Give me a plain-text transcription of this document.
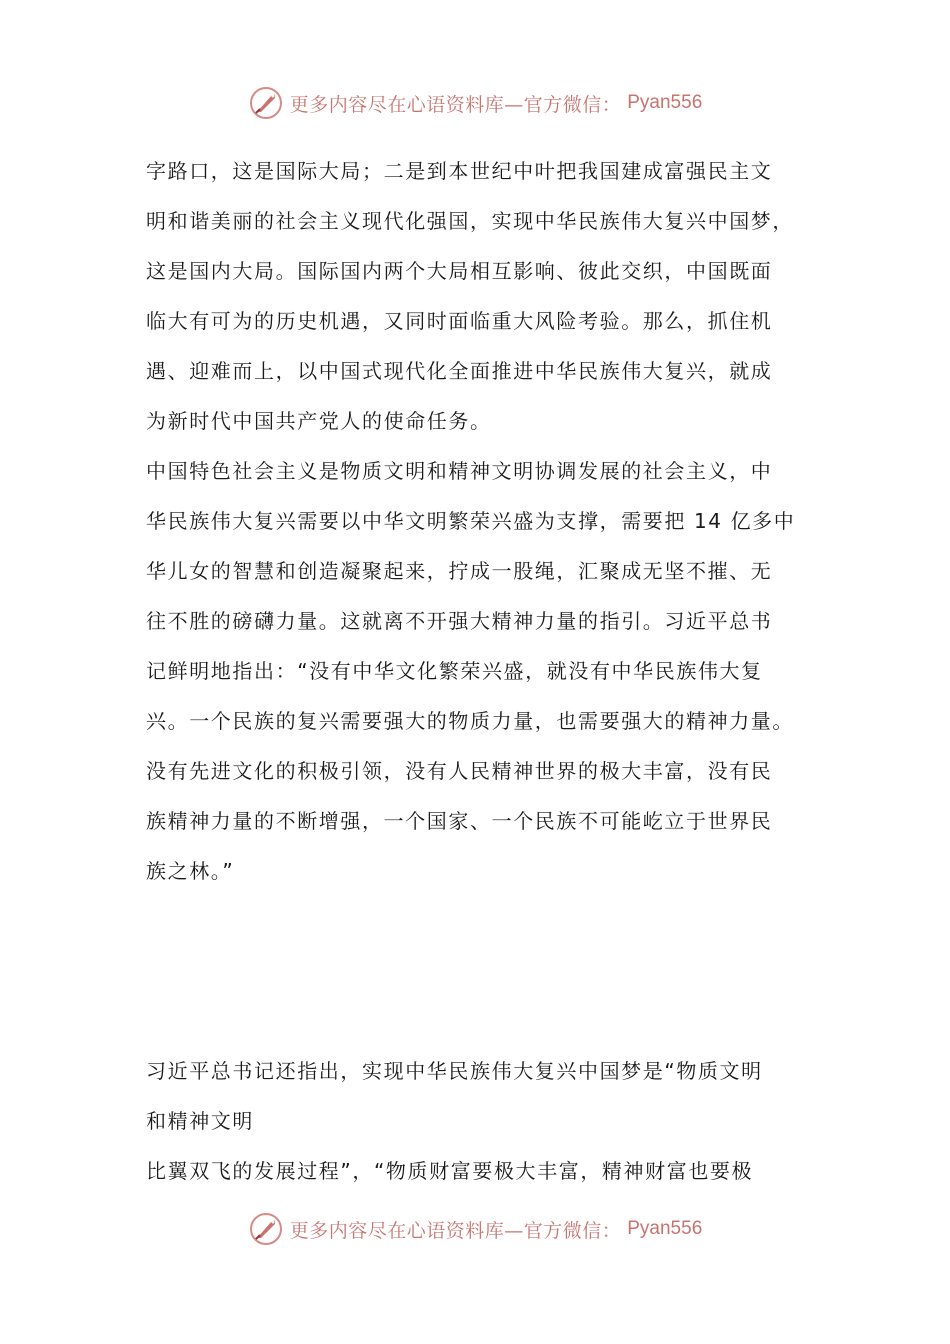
更多内容尽在心语资料库—官方微信： Pyan556
字路口，这是国际大局；二是到本世纪中叶把我国建成富强民主文
明和谐美丽的社会主义现代化强国，实现中华民族伟大复兴中国梦，
这是国内大局。国际国内两个大局相互影响、彼此交织，中国既面
临大有可为的历史机遇，又同时面临重大风险考验。那么，抓住机
遇、迎难而上，以中国式现代化全面推进中华民族伟大复兴，就成
为新时代中国共产党人的使命任务。
中国特色社会主义是物质文明和精神文明协调发展的社会主义，中
华民族伟大复兴需要以中华文明繁荣兴盛为支撑，需要把 14 亿多中
华儿女的智慧和创造凝聚起来，拧成一股绳，汇聚成无坚不摧、无
往不胜的磅礴力量。这就离不开强大精神力量的指引。习近平总书
记鲜明地指出：“没有中华文化繁荣兴盛，就没有中华民族伟大复
兴。一个民族的复兴需要强大的物质力量，也需要强大的精神力量。
没有先进文化的积极引领，没有人民精神世界的极大丰富，没有民
族精神力量的不断增强，一个国家、一个民族不可能屹立于世界民
族之林。”
习近平总书记还指出，实现中华民族伟大复兴中国梦是“物质文明
和精神文明
比翼双飞的发展过程”，“物质财富要极大丰富，精神财富也要极
更多内容尽在心语资料库—官方微信： Pyan556
